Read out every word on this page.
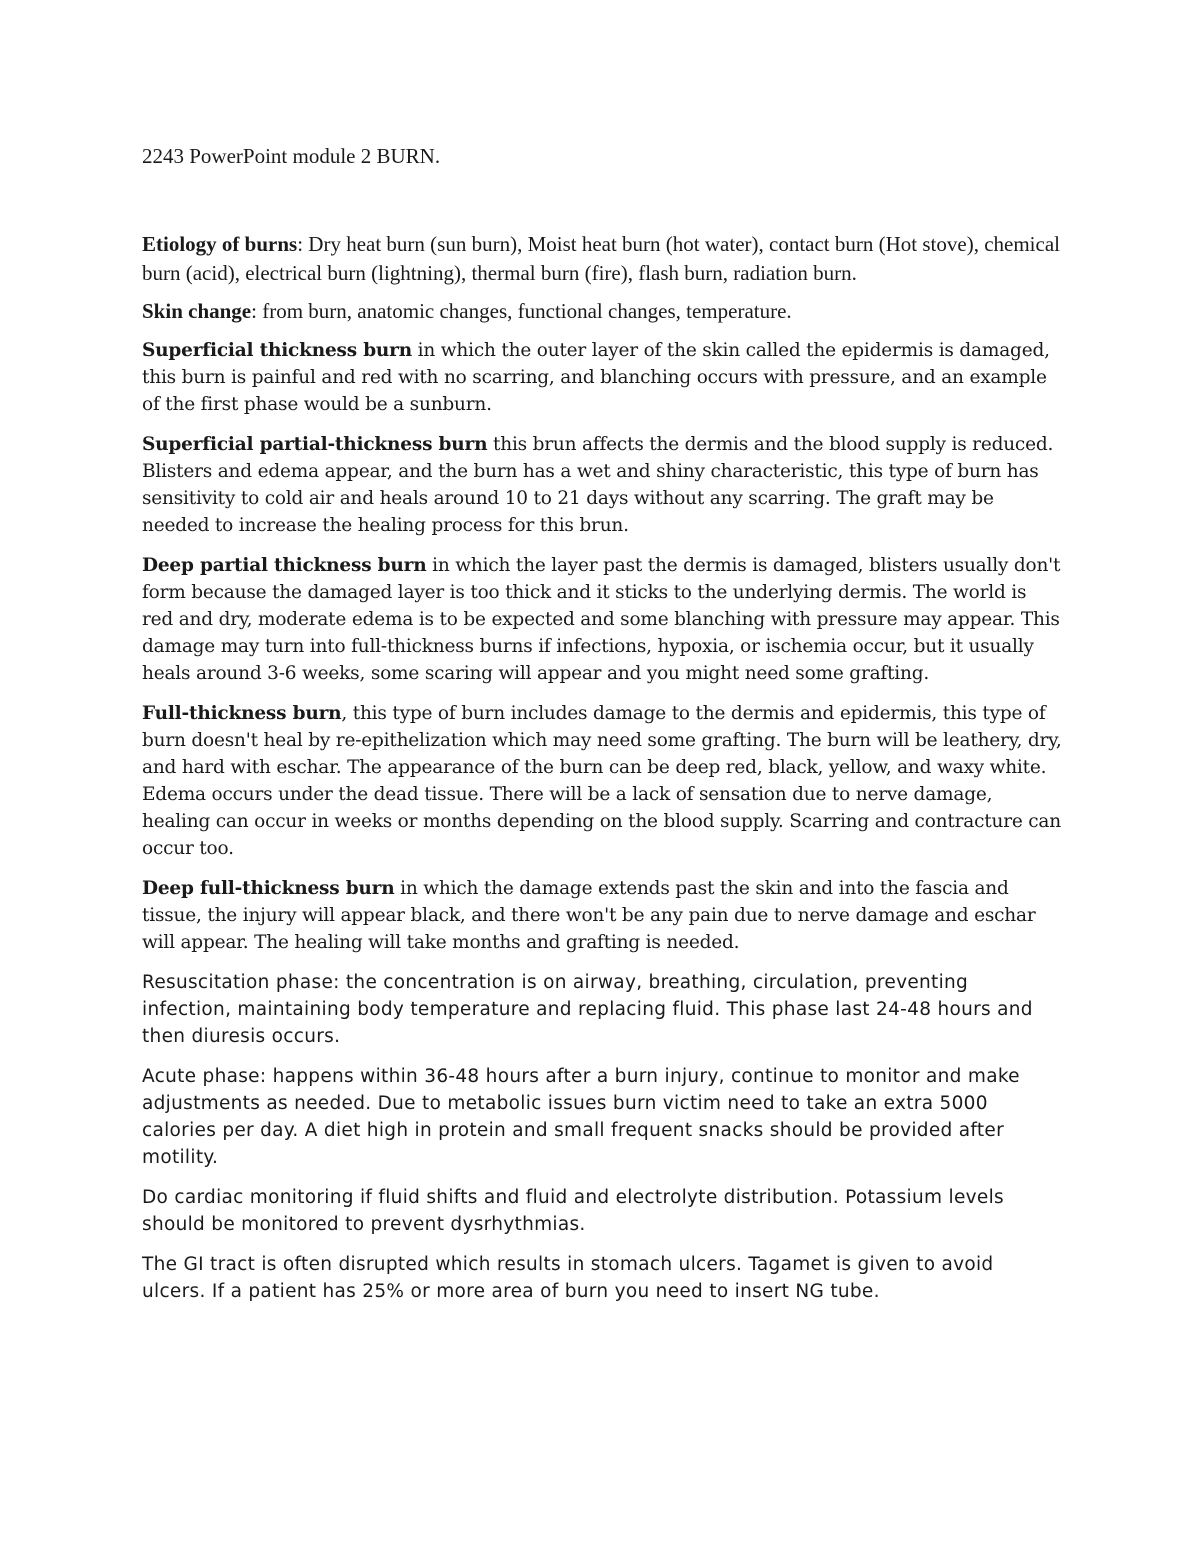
2243 PowerPoint module 2 BURN.

Etiology of burns: Dry heat burn (sun burn), Moist heat burn (hot water), contact burn (Hot stove), chemical burn (acid), electrical burn (lightning), thermal burn (fire), flash burn, radiation burn.

Skin change: from burn, anatomic changes, functional changes, temperature.

Superficial thickness burn in which the outer layer of the skin called the epidermis is damaged, this burn is painful and red with no scarring, and blanching occurs with pressure, and an example of the first phase would be a sunburn.

Superficial partial-thickness burn this brun affects the dermis and the blood supply is reduced. Blisters and edema appear, and the burn has a wet and shiny characteristic, this type of burn has sensitivity to cold air and heals around 10 to 21 days without any scarring. The graft may be needed to increase the healing process for this brun.

Deep partial thickness burn in which the layer past the dermis is damaged, blisters usually don't form because the damaged layer is too thick and it sticks to the underlying dermis. The world is red and dry, moderate edema is to be expected and some blanching with pressure may appear. This damage may turn into full-thickness burns if infections, hypoxia, or ischemia occur, but it usually heals around 3-6 weeks, some scaring will appear and you might need some grafting.

Full-thickness burn, this type of burn includes damage to the dermis and epidermis, this type of burn doesn't heal by re-epithelization which may need some grafting. The burn will be leathery, dry, and hard with eschar. The appearance of the burn can be deep red, black, yellow, and waxy white. Edema occurs under the dead tissue. There will be a lack of sensation due to nerve damage, healing can occur in weeks or months depending on the blood supply. Scarring and contracture can occur too.

Deep full-thickness burn in which the damage extends past the skin and into the fascia and tissue, the injury will appear black, and there won't be any pain due to nerve damage and eschar will appear. The healing will take months and grafting is needed.

Resuscitation phase: the concentration is on airway, breathing, circulation, preventing infection, maintaining body temperature and replacing fluid. This phase last 24-48 hours and then diuresis occurs.

Acute phase: happens within 36-48 hours after a burn injury, continue to monitor and make adjustments as needed. Due to metabolic issues burn victim need to take an extra 5000 calories per day. A diet high in protein and small frequent snacks should be provided after motility.

Do cardiac monitoring if fluid shifts and fluid and electrolyte distribution. Potassium levels should be monitored to prevent dysrhythmias.

The GI tract is often disrupted which results in stomach ulcers. Tagamet is given to avoid ulcers. If a patient has 25% or more area of burn you need to insert NG tube.
